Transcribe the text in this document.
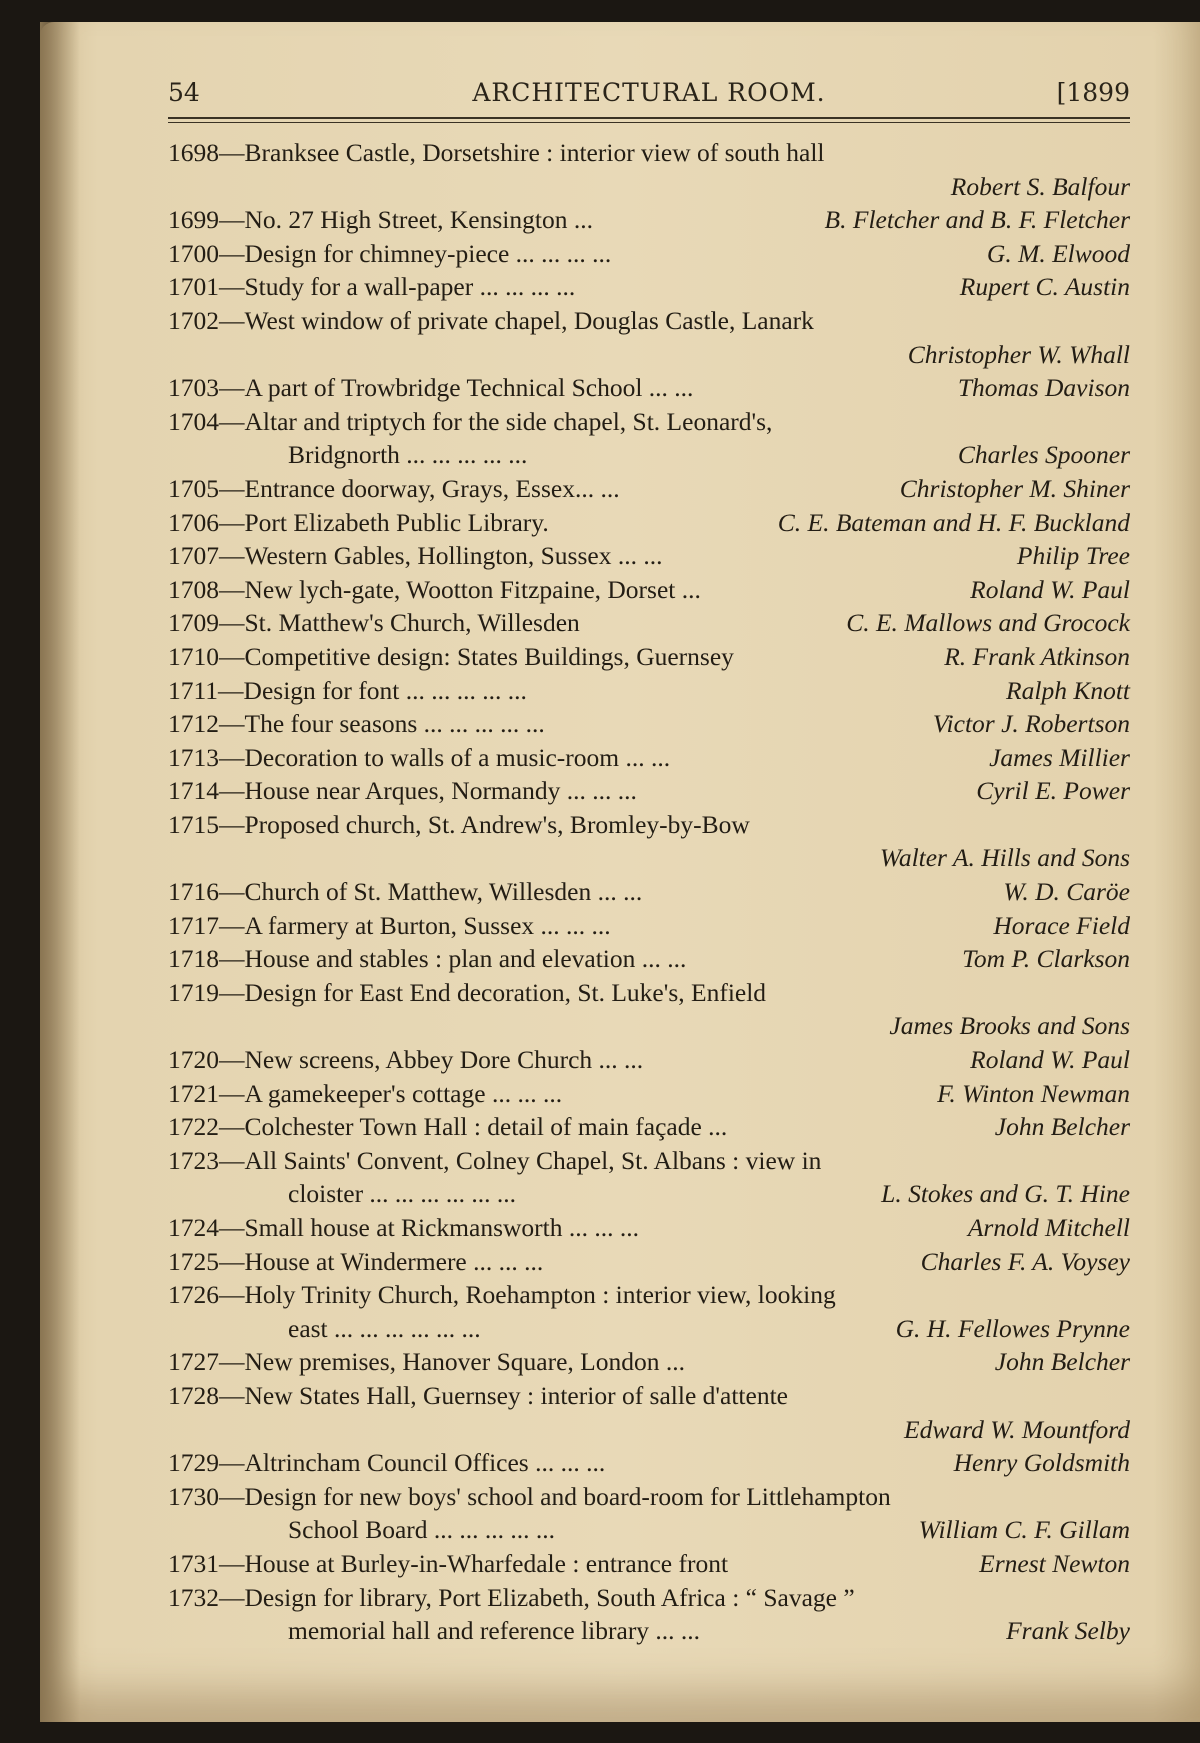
54	ARCHITECTURAL ROOM.	[1899
1698—Branksee Castle, Dorsetshire : interior view of south hall
Robert S. Balfour
1699—No. 27 High Street, Kensington ...	B. Fletcher and B. F. Fletcher
1700—Design for chimney-piece ... ... ... ...	G. M. Elwood
1701—Study for a wall-paper ... ... ... ...	Rupert C. Austin
1702—West window of private chapel, Douglas Castle, Lanark
Christopher W. Whall
1703—A part of Trowbridge Technical School ... ...	Thomas Davison
1704—Altar and triptych for the side chapel, St. Leonard's,
Bridgnorth ... ... ... ... ...	Charles Spooner
1705—Entrance doorway, Grays, Essex... ...	Christopher M. Shiner
1706—Port Elizabeth Public Library.	C. E. Bateman and H. F. Buckland
1707—Western Gables, Hollington, Sussex ... ...	Philip Tree
1708—New lych-gate, Wootton Fitzpaine, Dorset ...	Roland W. Paul
1709—St. Matthew's Church, Willesden	C. E. Mallows and Grocock
1710—Competitive design: States Buildings, Guernsey	R. Frank Atkinson
1711—Design for font ... ... ... ... ...	Ralph Knott
1712—The four seasons ... ... ... ... ...	Victor J. Robertson
1713—Decoration to walls of a music-room ... ...	James Millier
1714—House near Arques, Normandy ... ... ...	Cyril E. Power
1715—Proposed church, St. Andrew's, Bromley-by-Bow
Walter A. Hills and Sons
1716—Church of St. Matthew, Willesden ... ...	W. D. Caröe
1717—A farmery at Burton, Sussex ... ... ...	Horace Field
1718—House and stables : plan and elevation ... ...	Tom P. Clarkson
1719—Design for East End decoration, St. Luke's, Enfield
James Brooks and Sons
1720—New screens, Abbey Dore Church ... ...	Roland W. Paul
1721—A gamekeeper's cottage ... ... ...	F. Winton Newman
1722—Colchester Town Hall : detail of main façade ...	John Belcher
1723—All Saints' Convent, Colney Chapel, St. Albans : view in
cloister ... ... ... ... ... ...	L. Stokes and G. T. Hine
1724—Small house at Rickmansworth ... ... ...	Arnold Mitchell
1725—House at Windermere ... ... ...	Charles F. A. Voysey
1726—Holy Trinity Church, Roehampton : interior view, looking
east ... ... ... ... ... ...	G. H. Fellowes Prynne
1727—New premises, Hanover Square, London ...	John Belcher
1728—New States Hall, Guernsey : interior of salle d'attente
Edward W. Mountford
1729—Altrincham Council Offices ... ... ...	Henry Goldsmith
1730—Design for new boys' school and board-room for Littlehampton
School Board ... ... ... ... ...	William C. F. Gillam
1731—House at Burley-in-Wharfedale : entrance front	Ernest Newton
1732—Design for library, Port Elizabeth, South Africa : “ Savage ”
memorial hall and reference library ... ...	Frank Selby
